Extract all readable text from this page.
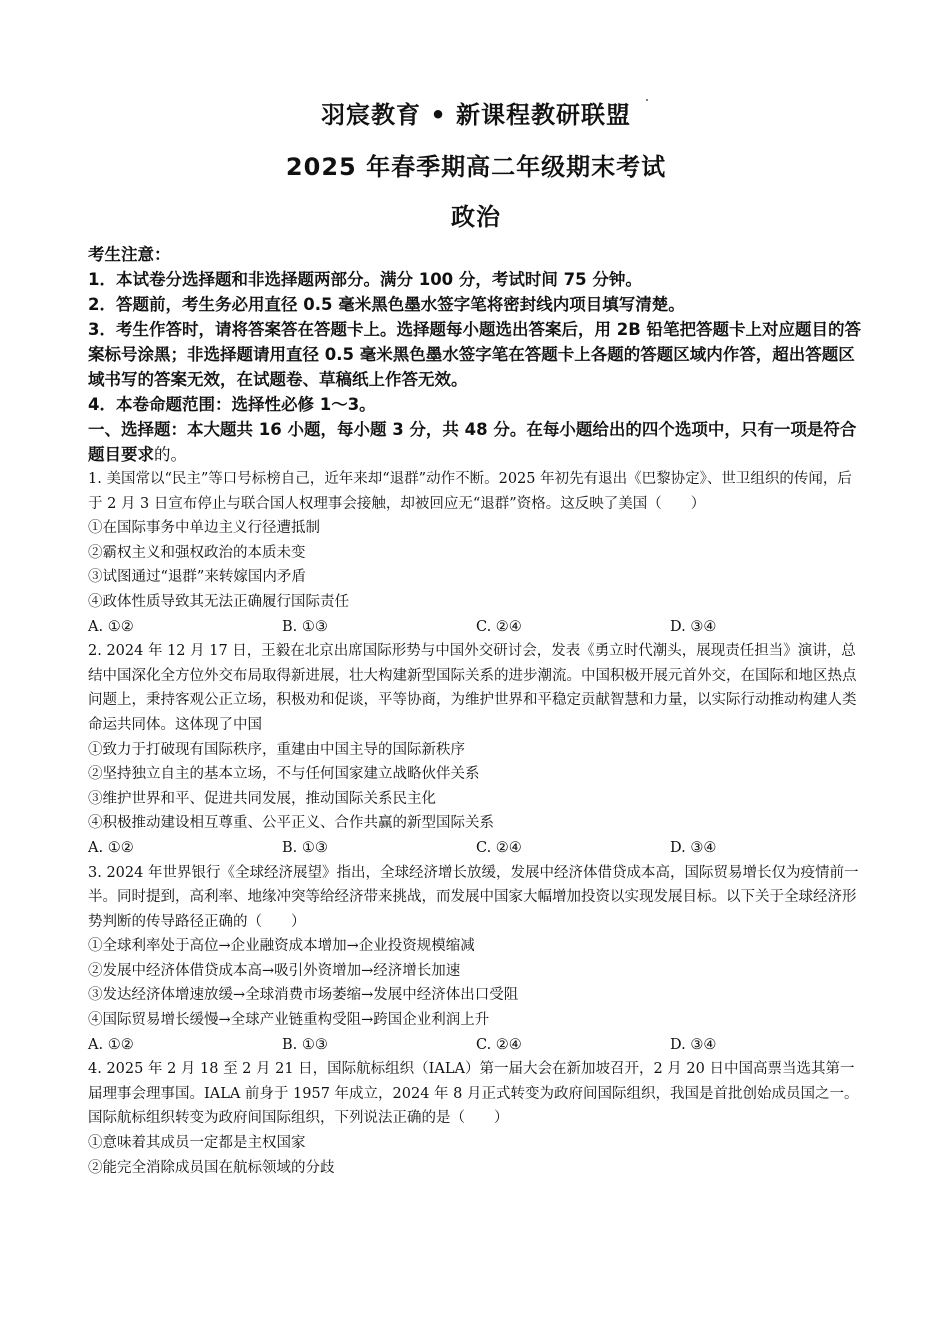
羽宸教育 • 新课程教研联盟
2025 年春季期高二年级期末考试
政治
考生注意：
1．本试卷分选择题和非选择题两部分。满分 100 分，考试时间 75 分钟。
2．答题前，考生务必用直径 0.5 毫米黑色墨水签字笔将密封线内项目填写清楚。
3．考生作答时，请将答案答在答题卡上。选择题每小题选出答案后，用 2B 铅笔把答题卡上对应题目的答案标号涂黑；非选择题请用直径 0.5 毫米黑色墨水签字笔在答题卡上各题的答题区域内作答，超出答题区域书写的答案无效，在试题卷、草稿纸上作答无效。
4．本卷命题范围：选择性必修 1～3。
一、选择题：本大题共 16 小题，每小题 3 分，共 48 分。在每小题给出的四个选项中，只有一项是符合题目要求的。
1. 美国常以“民主”等口号标榜自己，近年来却“退群”动作不断。2025 年初先有退出《巴黎协定》、世卫组织的传闻，后于 2 月 3 日宣布停止与联合国人权理事会接触，却被回应无“退群”资格。这反映了美国（　　）
①在国际事务中单边主义行径遭抵制
②霸权主义和强权政治的本质未变
③试图通过“退群”来转嫁国内矛盾
④政体性质导致其无法正确履行国际责任
A. ①②	B. ①③	C. ②④	D. ③④
2. 2024 年 12 月 17 日，王毅在北京出席国际形势与中国外交研讨会，发表《勇立时代潮头，展现责任担当》演讲，总结中国深化全方位外交布局取得新进展，壮大构建新型国际关系的进步潮流。中国积极开展元首外交，在国际和地区热点问题上，秉持客观公正立场，积极劝和促谈，平等协商，为维护世界和平稳定贡献智慧和力量，以实际行动推动构建人类命运共同体。这体现了中国
①致力于打破现有国际秩序，重建由中国主导的国际新秩序
②坚持独立自主的基本立场，不与任何国家建立战略伙伴关系
③维护世界和平、促进共同发展，推动国际关系民主化
④积极推动建设相互尊重、公平正义、合作共赢的新型国际关系
A. ①②	B. ①③	C. ②④	D. ③④
3. 2024 年世界银行《全球经济展望》指出，全球经济增长放缓，发展中经济体借贷成本高，国际贸易增长仅为疫情前一半。同时提到，高利率、地缘冲突等给经济带来挑战，而发展中国家大幅增加投资以实现发展目标。以下关于全球经济形势判断的传导路径正确的（　　）
①全球利率处于高位→企业融资成本增加→企业投资规模缩减
②发展中经济体借贷成本高→吸引外资增加→经济增长加速
③发达经济体增速放缓→全球消费市场萎缩→发展中经济体出口受阻
④国际贸易增长缓慢→全球产业链重构受阻→跨国企业利润上升
A. ①②	B. ①③	C. ②④	D. ③④
4. 2025 年 2 月 18 至 2 月 21 日，国际航标组织（IALA）第一届大会在新加坡召开，2 月 20 日中国高票当选其第一届理事会理事国。IALA 前身于 1957 年成立，2024 年 8 月正式转变为政府间国际组织，我国是首批创始成员国之一。国际航标组织转变为政府间国际组织，下列说法正确的是（　　）
①意味着其成员一定都是主权国家
②能完全消除成员国在航标领域的分歧
